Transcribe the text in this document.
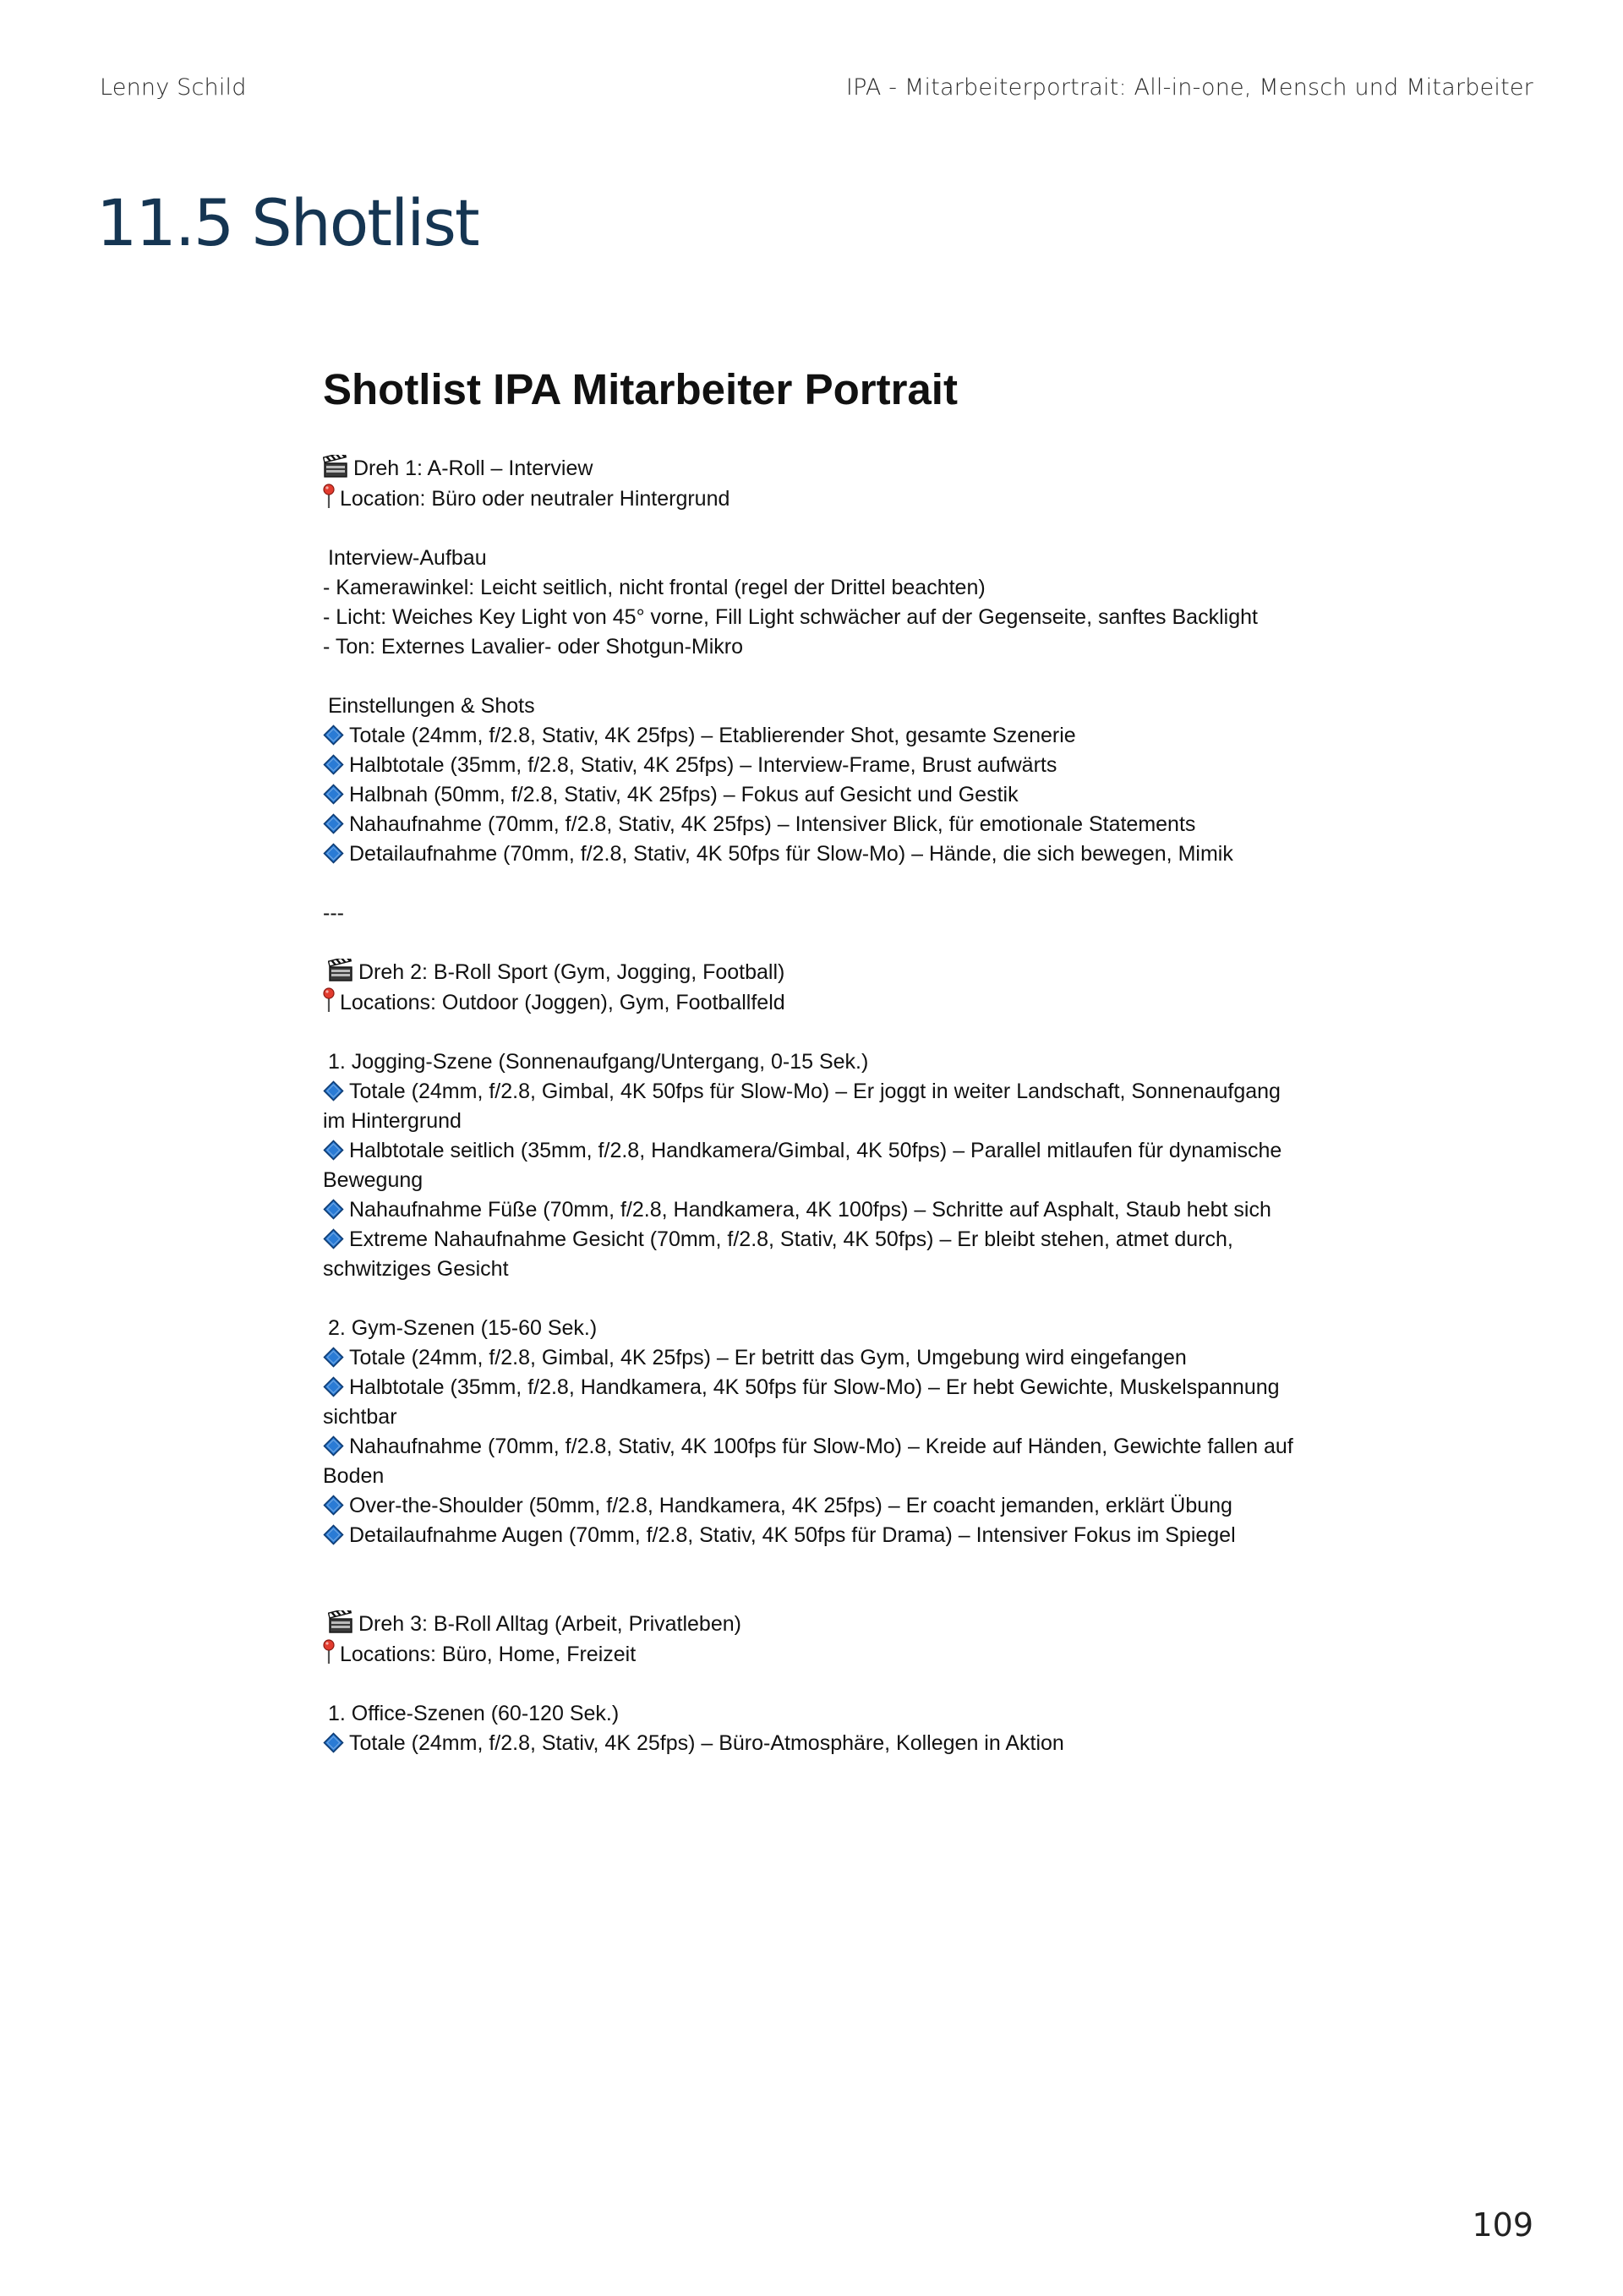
Lenny Schild	IPA - Mitarbeiterportrait: All-in-one, Mensch und Mitarbeiter
11.5 Shotlist
Shotlist IPA Mitarbeiter Portrait
Dreh 1: A-Roll – Interview
Location: Büro oder neutraler Hintergrund
Interview-Aufbau
- Kamerawinkel: Leicht seitlich, nicht frontal (regel der Drittel beachten)
- Licht: Weiches Key Light von 45° vorne, Fill Light schwächer auf der Gegenseite, sanftes Backlight
- Ton: Externes Lavalier- oder Shotgun-Mikro
Einstellungen & Shots
Totale (24mm, f/2.8, Stativ, 4K 25fps) – Etablierender Shot, gesamte Szenerie
Halbtotale (35mm, f/2.8, Stativ, 4K 25fps) – Interview-Frame, Brust aufwärts
Halbnah (50mm, f/2.8, Stativ, 4K 25fps) – Fokus auf Gesicht und Gestik
Nahaufnahme (70mm, f/2.8, Stativ, 4K 25fps) – Intensiver Blick, für emotionale Statements
Detailaufnahme (70mm, f/2.8, Stativ, 4K 50fps für Slow-Mo) – Hände, die sich bewegen, Mimik
---
Dreh 2: B-Roll Sport (Gym, Jogging, Football)
Locations: Outdoor (Joggen), Gym, Footballfeld
1. Jogging-Szene (Sonnenaufgang/Untergang, 0-15 Sek.)
Totale (24mm, f/2.8, Gimbal, 4K 50fps für Slow-Mo) – Er joggt in weiter Landschaft, Sonnenaufgang
im Hintergrund
Halbtotale seitlich (35mm, f/2.8, Handkamera/Gimbal, 4K 50fps) – Parallel mitlaufen für dynamische
Bewegung
Nahaufnahme Füße (70mm, f/2.8, Handkamera, 4K 100fps) – Schritte auf Asphalt, Staub hebt sich
Extreme Nahaufnahme Gesicht (70mm, f/2.8, Stativ, 4K 50fps) – Er bleibt stehen, atmet durch,
schwitziges Gesicht
2. Gym-Szenen (15-60 Sek.)
Totale (24mm, f/2.8, Gimbal, 4K 25fps) – Er betritt das Gym, Umgebung wird eingefangen
Halbtotale (35mm, f/2.8, Handkamera, 4K 50fps für Slow-Mo) – Er hebt Gewichte, Muskelspannung
sichtbar
Nahaufnahme (70mm, f/2.8, Stativ, 4K 100fps für Slow-Mo) – Kreide auf Händen, Gewichte fallen auf
Boden
Over-the-Shoulder (50mm, f/2.8, Handkamera, 4K 25fps) – Er coacht jemanden, erklärt Übung
Detailaufnahme Augen (70mm, f/2.8, Stativ, 4K 50fps für Drama) – Intensiver Fokus im Spiegel
Dreh 3: B-Roll Alltag (Arbeit, Privatleben)
Locations: Büro, Home, Freizeit
1. Office-Szenen (60-120 Sek.)
Totale (24mm, f/2.8, Stativ, 4K 25fps) – Büro-Atmosphäre, Kollegen in Aktion
109
